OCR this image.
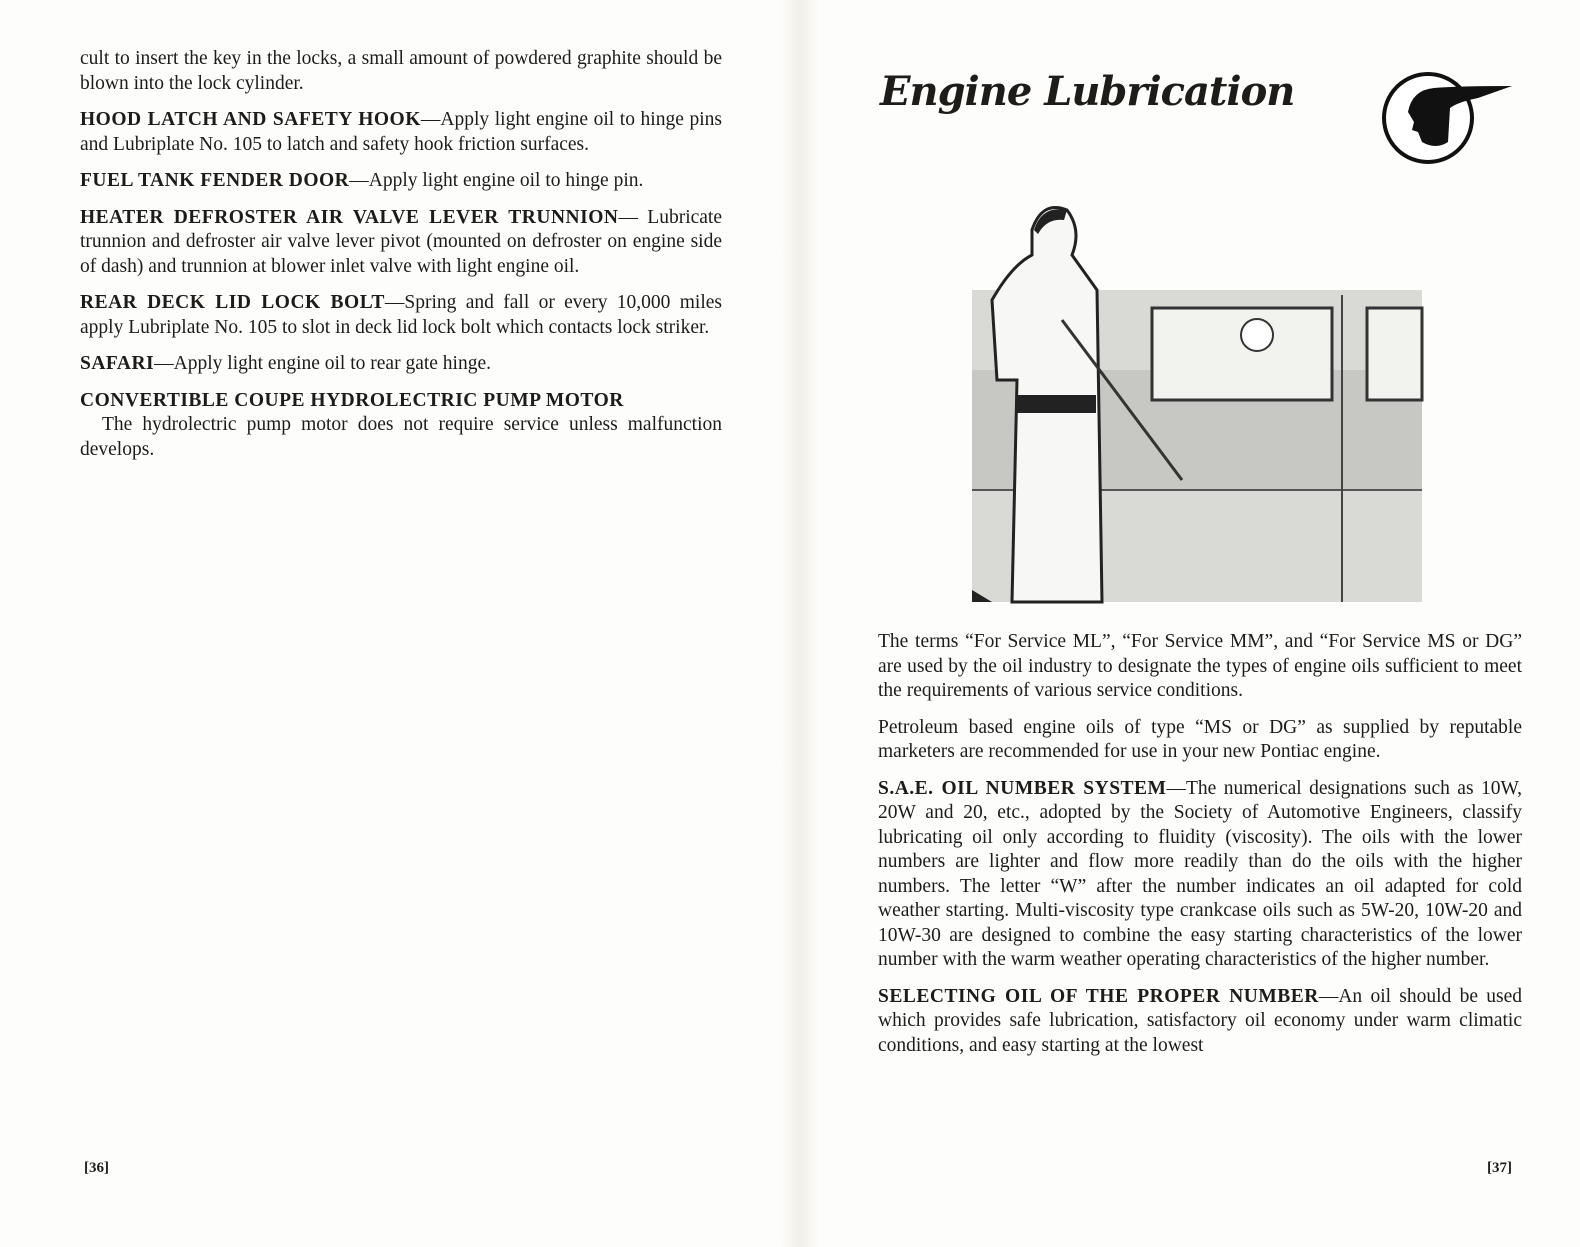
cult to insert the key in the locks, a small amount of powdered graphite should be blown into the lock cylinder.

HOOD LATCH AND SAFETY HOOK—Apply light engine oil to hinge pins and Lubriplate No. 105 to latch and safety hook friction surfaces.

FUEL TANK FENDER DOOR—Apply light engine oil to hinge pin.

HEATER DEFROSTER AIR VALVE LEVER TRUNNION— Lubricate trunnion and defroster air valve lever pivot (mounted on defroster on engine side of dash) and trunnion at blower inlet valve with light engine oil.

REAR DECK LID LOCK BOLT—Spring and fall or every 10,000 miles apply Lubriplate No. 105 to slot in deck lid lock bolt which contacts lock striker.

SAFARI—Apply light engine oil to rear gate hinge.

CONVERTIBLE COUPE HYDROLECTRIC PUMP MOTOR

The hydrolectric pump motor does not require service unless malfunction develops.

[36]
Engine Lubrication

The terms “For Service ML”, “For Service MM”, and “For Service MS or DG” are used by the oil industry to designate the types of engine oils sufficient to meet the requirements of various service conditions.

Petroleum based engine oils of type “MS or DG” as supplied by reputable marketers are recommended for use in your new Pontiac engine.

S.A.E. OIL NUMBER SYSTEM—The numerical designations such as 10W, 20W and 20, etc., adopted by the Society of Automotive Engineers, classify lubricating oil only according to fluidity (viscosity). The oils with the lower numbers are lighter and flow more readily than do the oils with the higher numbers. The letter “W” after the number indicates an oil adapted for cold weather starting. Multi-viscosity type crankcase oils such as 5W-20, 10W-20 and 10W-30 are designed to combine the easy starting characteristics of the lower number with the warm weather operating characteristics of the higher number.

SELECTING OIL OF THE PROPER NUMBER—An oil should be used which provides safe lubrication, satisfactory oil economy under warm climatic conditions, and easy starting at the lowest

[37]
